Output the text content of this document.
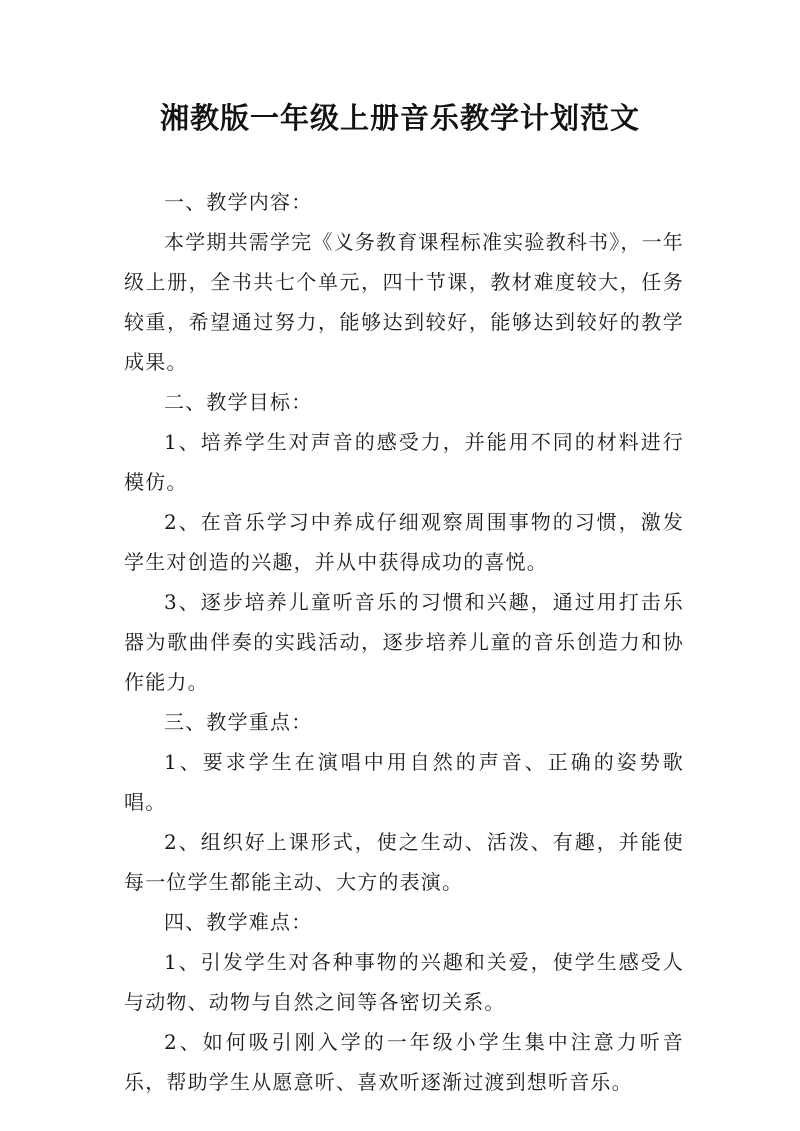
湘教版一年级上册音乐教学计划范文

一、教学内容：

本学期共需学完《义务教育课程标准实验教科书》，一年级上册，全书共七个单元，四十节课，教材难度较大，任务较重，希望通过努力，能够达到较好，能够达到较好的教学成果。

二、教学目标：

1、培养学生对声音的感受力，并能用不同的材料进行模仿。

2、在音乐学习中养成仔细观察周围事物的习惯，激发学生对创造的兴趣，并从中获得成功的喜悦。

3、逐步培养儿童听音乐的习惯和兴趣，通过用打击乐器为歌曲伴奏的实践活动，逐步培养儿童的音乐创造力和协作能力。

三、教学重点：

1、要求学生在演唱中用自然的声音、正确的姿势歌唱。

2、组织好上课形式，使之生动、活泼、有趣，并能使每一位学生都能主动、大方的表演。

四、教学难点：

1、引发学生对各种事物的兴趣和关爱，使学生感受人与动物、动物与自然之间等各密切关系。

2、如何吸引刚入学的一年级小学生集中注意力听音乐，帮助学生从愿意听、喜欢听逐渐过渡到想听音乐。
